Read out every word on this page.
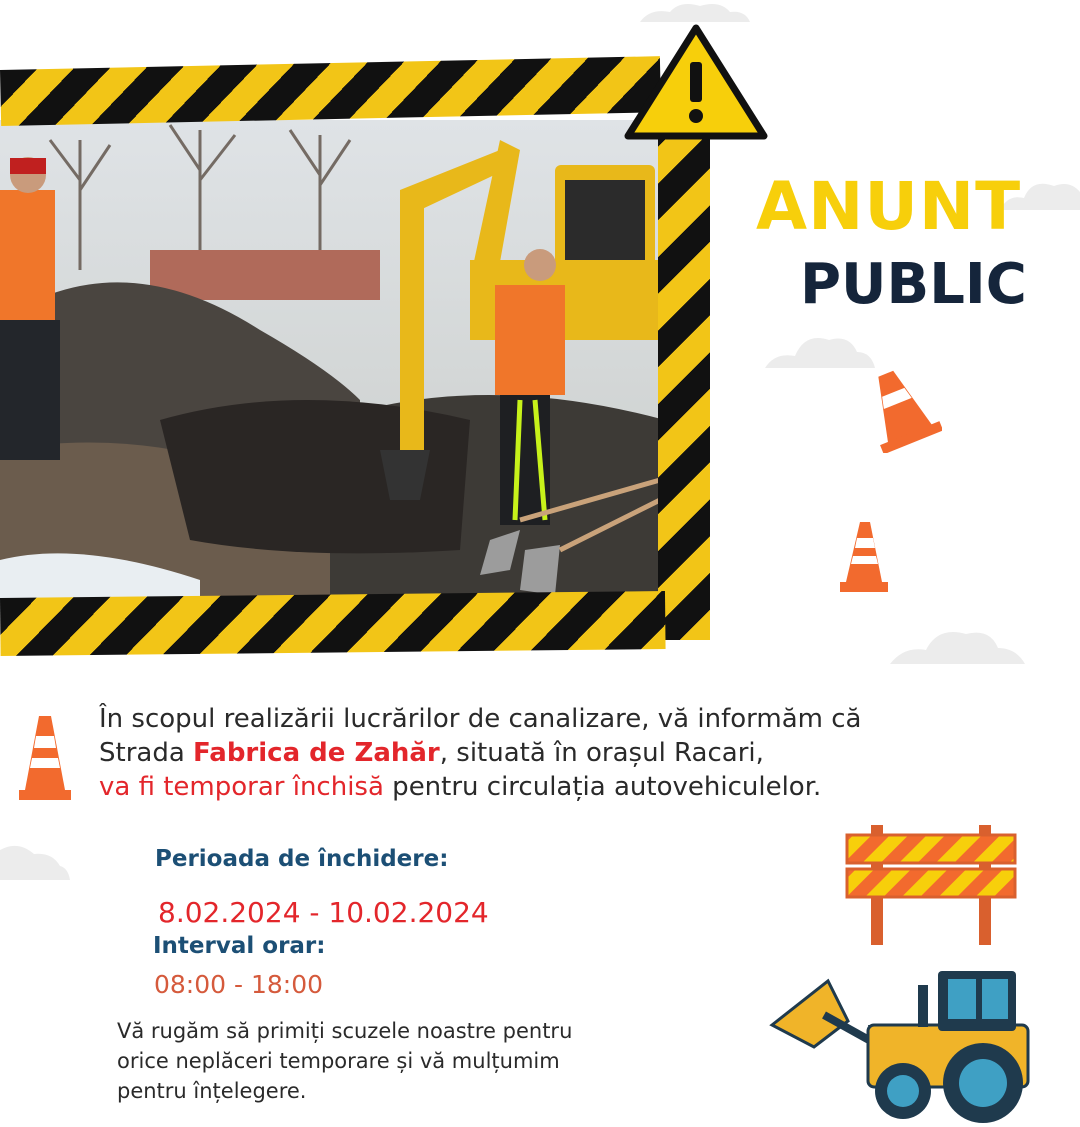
ANUNT
PUBLIC
În scopul realizării lucrărilor de canalizare, vă informăm că
Strada Fabrica de Zahăr, situată în orașul Racari,
va fi temporar închisă pentru circulația autovehiculelor.
Perioada de închidere:
8.02.2024 - 10.02.2024
Interval orar:
08:00 - 18:00
Vă rugăm să primiți scuzele noastre pentru
orice neplăceri temporare și vă mulțumim
pentru înțelegere.
